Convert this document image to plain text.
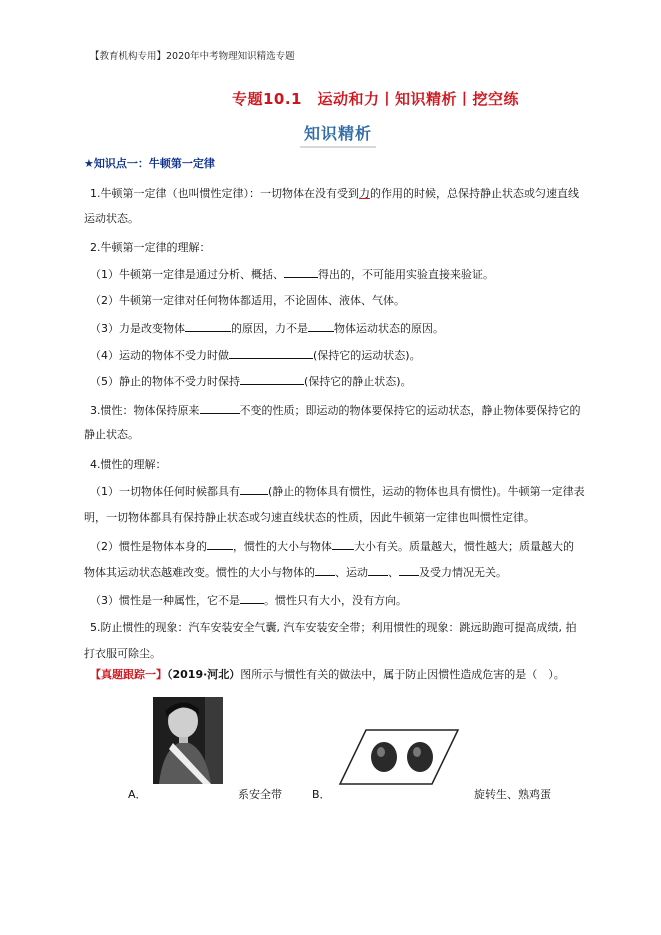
【教育机构专用】2020年中考物理知识精选专题
专题10.1　运动和力丨知识精析丨挖空练
知识精析
★知识点一：牛顿第一定律
1.牛顿第一定律（也叫惯性定律）：一切物体在没有受到力的作用的时候，总保持静止状态或匀速直线
运动状态。
2.牛顿第一定律的理解：
（1）牛顿第一定律是通过分析、概括、	得出的，不可能用实验直接来验证。
（2）牛顿第一定律对任何物体都适用，不论固体、液体、气体。
（3）力是改变物体	的原因，力不是 物体运动状态的原因。
（4）运动的物体不受力时做	(保持它的运动状态)。
（5）静止的物体不受力时保持	(保持它的静止状态)。
3.惯性：物体保持原来	不变的性质；即运动的物体要保持它的运动状态，静止物体要保持它的
静止状态。
4.惯性的理解：
（1）一切物体任何时候都具有	(静止的物体具有惯性，运动的物体也具有惯性)。牛顿第一定律表
明，一切物体都具有保持静止状态或匀速直线状态的性质，因此牛顿第一定律也叫惯性定律。
（2）惯性是物体本身的 ，惯性的大小与物体 大小有关。质量越大，惯性越大；质量越大的
物体其运动状态越难改变。惯性的大小与物体的 、运动 、 及受力情况无关。
（3）惯性是一种属性，它不是 。惯性只有大小，没有方向。
5.防止惯性的现象：汽车安装安全气囊, 汽车安装安全带；利用惯性的现象：跳远助跑可提高成绩, 拍
打衣服可除尘。
【真题跟踪一】（2019·河北）图所示与惯性有关的做法中，属于防止因惯性造成危害的是（　）。
A．	系安全带	B．	旋转生、熟鸡蛋
